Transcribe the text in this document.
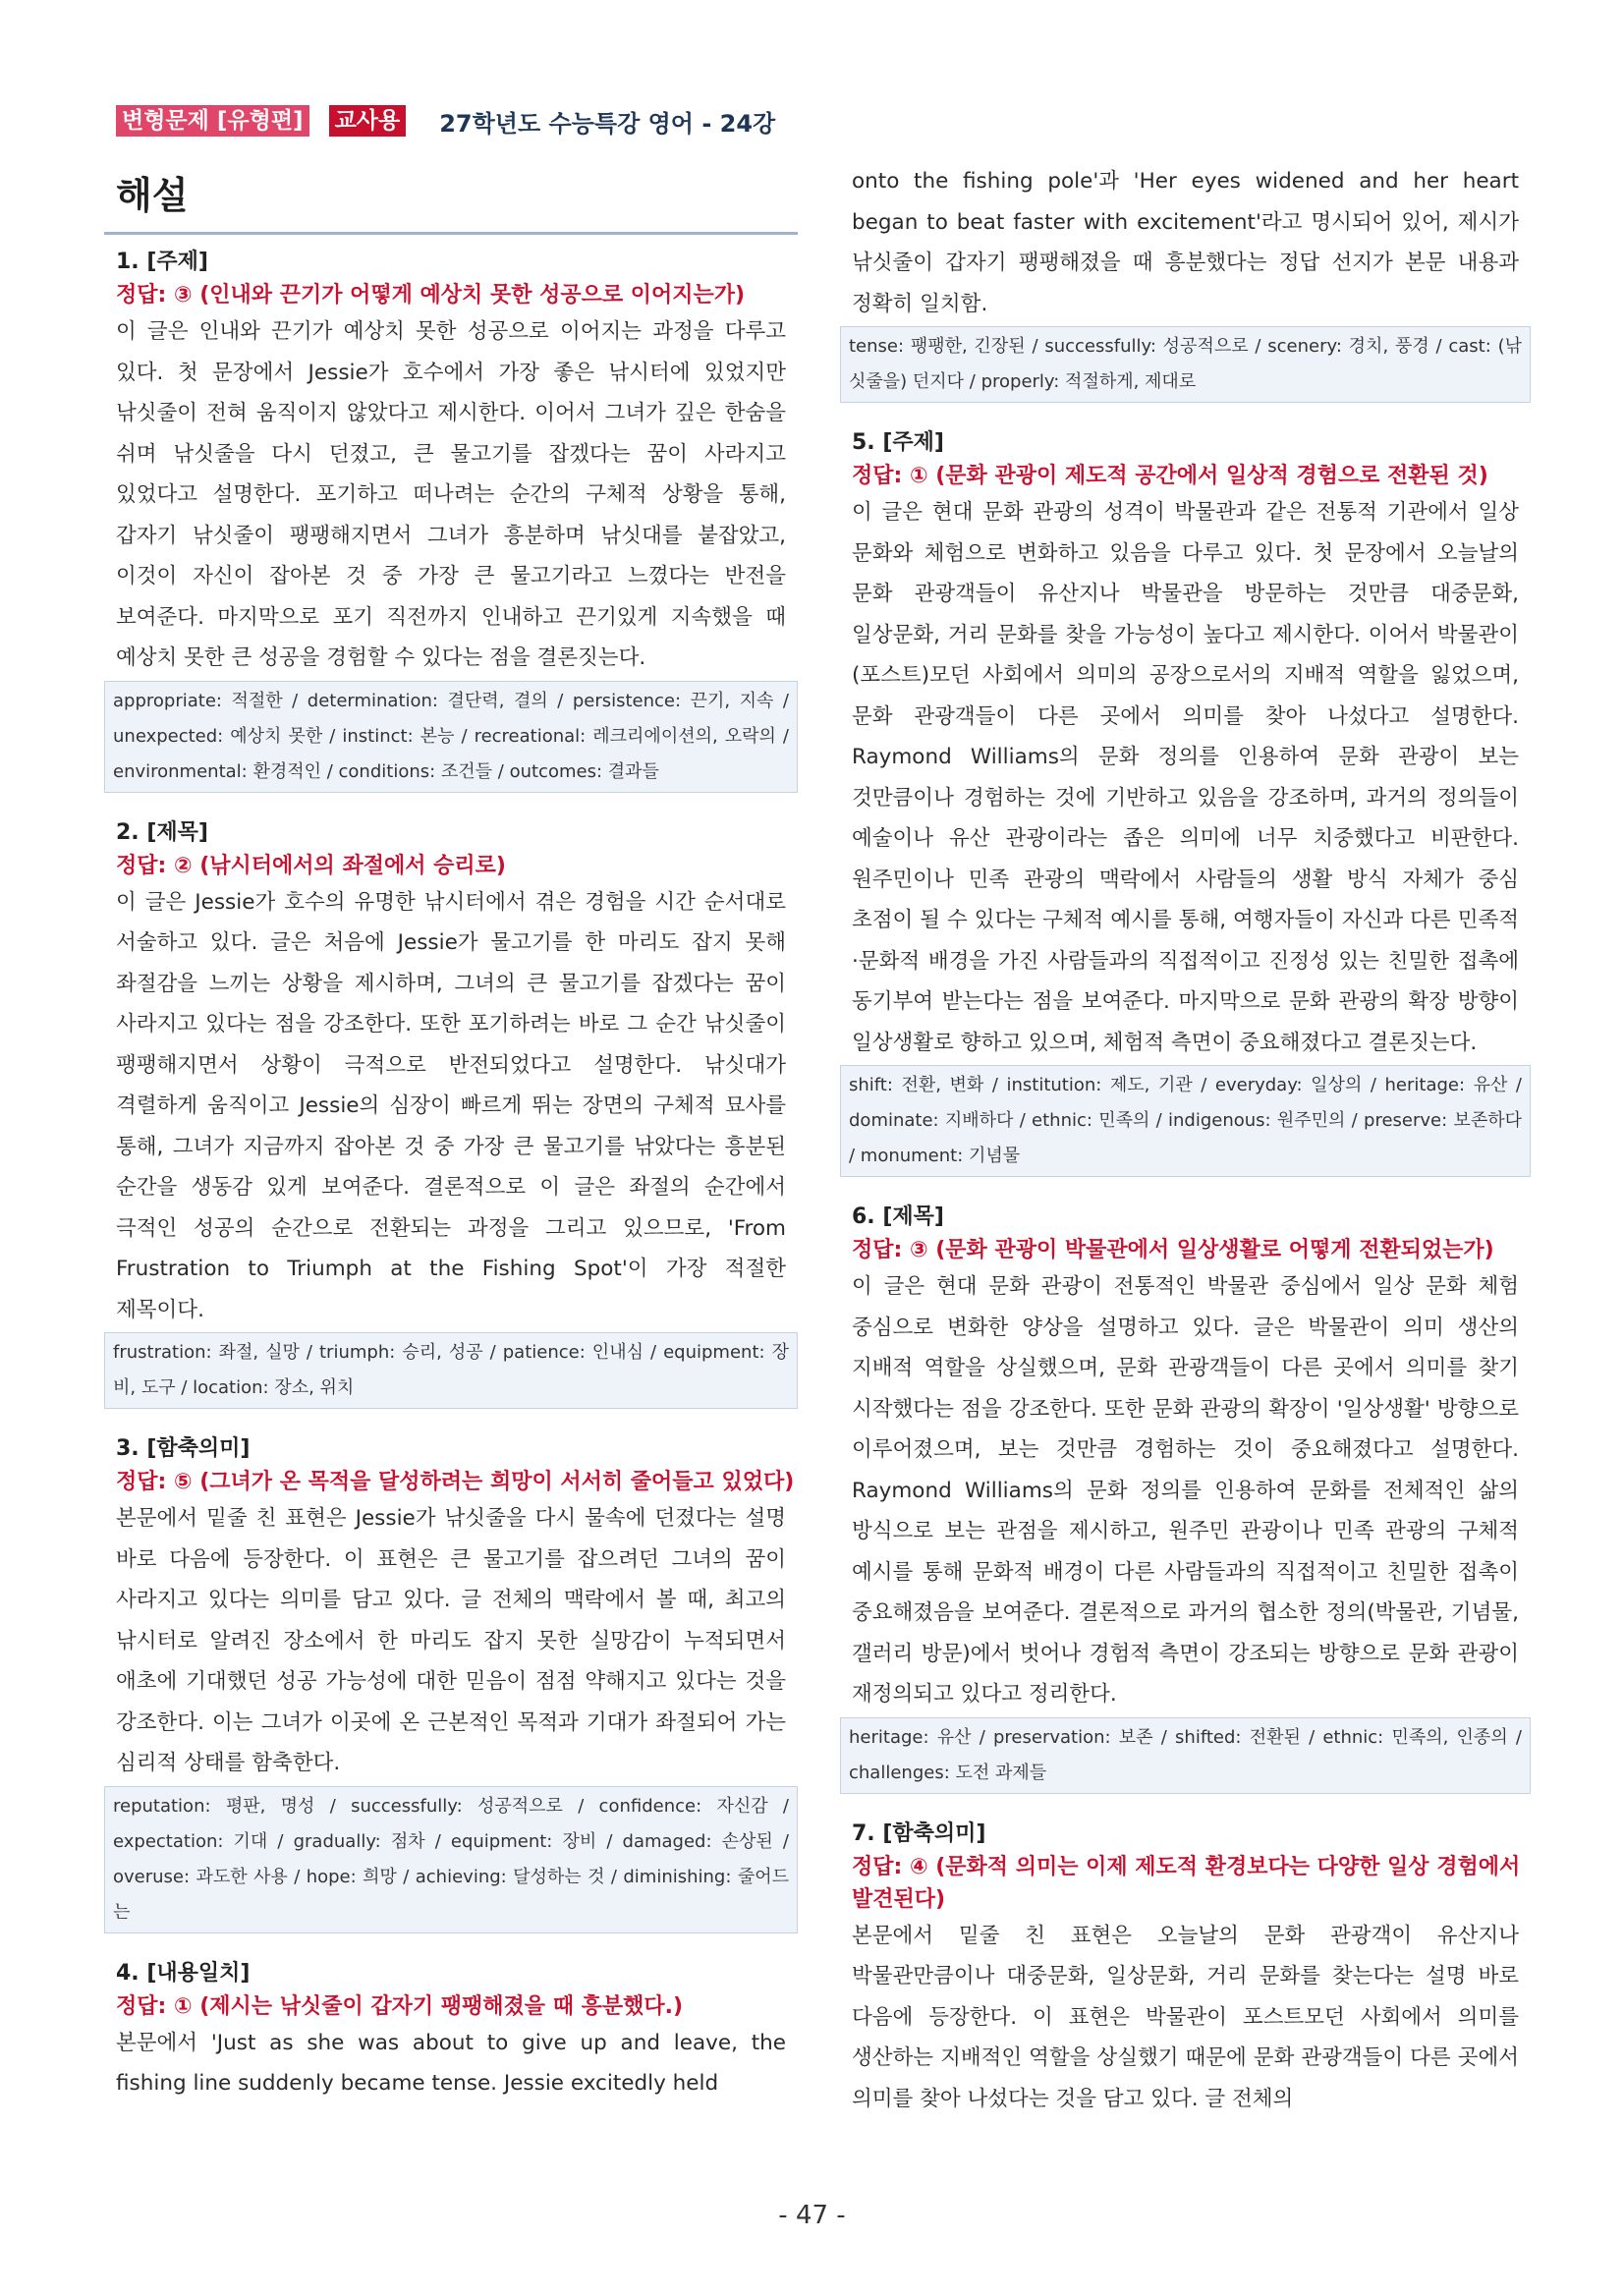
변형문제 [유형편] 교사용 27학년도 수능특강 영어 - 24강
해설
1. [주제]
정답: ③ (인내와 끈기가 어떻게 예상치 못한 성공으로 이어지는가)
이 글은 인내와 끈기가 예상치 못한 성공으로 이어지는 과정을 다루고 있다. 첫 문장에서 Jessie가 호수에서 가장 좋은 낚시터에 있었지만 낚싯줄이 전혀 움직이지 않았다고 제시한다. 이어서 그녀가 깊은 한숨을 쉬며 낚싯줄을 다시 던졌고, 큰 물고기를 잡겠다는 꿈이 사라지고 있었다고 설명한다. 포기하고 떠나려는 순간의 구체적 상황을 통해, 갑자기 낚싯줄이 팽팽해지면서 그녀가 흥분하며 낚싯대를 붙잡았고, 이것이 자신이 잡아본 것 중 가장 큰 물고기라고 느꼈다는 반전을 보여준다. 마지막으로 포기 직전까지 인내하고 끈기있게 지속했을 때 예상치 못한 큰 성공을 경험할 수 있다는 점을 결론짓는다.
appropriate: 적절한 / determination: 결단력, 결의 / persistence: 끈기, 지속 / unexpected: 예상치 못한 / instinct: 본능 / recreational: 레크리에이션의, 오락의 / environmental: 환경적인 / conditions: 조건들 / outcomes: 결과들
2. [제목]
정답: ② (낚시터에서의 좌절에서 승리로)
이 글은 Jessie가 호수의 유명한 낚시터에서 겪은 경험을 시간 순서대로 서술하고 있다. 글은 처음에 Jessie가 물고기를 한 마리도 잡지 못해 좌절감을 느끼는 상황을 제시하며, 그녀의 큰 물고기를 잡겠다는 꿈이 사라지고 있다는 점을 강조한다. 또한 포기하려는 바로 그 순간 낚싯줄이 팽팽해지면서 상황이 극적으로 반전되었다고 설명한다. 낚싯대가 격렬하게 움직이고 Jessie의 심장이 빠르게 뛰는 장면의 구체적 묘사를 통해, 그녀가 지금까지 잡아본 것 중 가장 큰 물고기를 낚았다는 흥분된 순간을 생동감 있게 보여준다. 결론적으로 이 글은 좌절의 순간에서 극적인 성공의 순간으로 전환되는 과정을 그리고 있으므로, 'From Frustration to Triumph at the Fishing Spot'이 가장 적절한 제목이다.
frustration: 좌절, 실망 / triumph: 승리, 성공 / patience: 인내심 / equipment: 장비, 도구 / location: 장소, 위치
3. [함축의미]
정답: ⑤ (그녀가 온 목적을 달성하려는 희망이 서서히 줄어들고 있었다)
본문에서 밑줄 친 표현은 Jessie가 낚싯줄을 다시 물속에 던졌다는 설명 바로 다음에 등장한다. 이 표현은 큰 물고기를 잡으려던 그녀의 꿈이 사라지고 있다는 의미를 담고 있다. 글 전체의 맥락에서 볼 때, 최고의 낚시터로 알려진 장소에서 한 마리도 잡지 못한 실망감이 누적되면서 애초에 기대했던 성공 가능성에 대한 믿음이 점점 약해지고 있다는 것을 강조한다. 이는 그녀가 이곳에 온 근본적인 목적과 기대가 좌절되어 가는 심리적 상태를 함축한다.
reputation: 평판, 명성 / successfully: 성공적으로 / confidence: 자신감 / expectation: 기대 / gradually: 점차 / equipment: 장비 / damaged: 손상된 / overuse: 과도한 사용 / hope: 희망 / achieving: 달성하는 것 / diminishing: 줄어드는
4. [내용일치]
정답: ① (제시는 낚싯줄이 갑자기 팽팽해졌을 때 흥분했다.)
본문에서 'Just as she was about to give up and leave, the fishing line suddenly became tense. Jessie excitedly held
onto the fishing pole'과 'Her eyes widened and her heart began to beat faster with excitement'라고 명시되어 있어, 제시가 낚싯줄이 갑자기 팽팽해졌을 때 흥분했다는 정답 선지가 본문 내용과 정확히 일치함.
tense: 팽팽한, 긴장된 / successfully: 성공적으로 / scenery: 경치, 풍경 / cast: (낚싯줄을) 던지다 / properly: 적절하게, 제대로
5. [주제]
정답: ① (문화 관광이 제도적 공간에서 일상적 경험으로 전환된 것)
이 글은 현대 문화 관광의 성격이 박물관과 같은 전통적 기관에서 일상 문화와 체험으로 변화하고 있음을 다루고 있다. 첫 문장에서 오늘날의 문화 관광객들이 유산지나 박물관을 방문하는 것만큼 대중문화, 일상문화, 거리 문화를 찾을 가능성이 높다고 제시한다. 이어서 박물관이 (포스트)모던 사회에서 의미의 공장으로서의 지배적 역할을 잃었으며, 문화 관광객들이 다른 곳에서 의미를 찾아 나섰다고 설명한다. Raymond Williams의 문화 정의를 인용하여 문화 관광이 보는 것만큼이나 경험하는 것에 기반하고 있음을 강조하며, 과거의 정의들이 예술이나 유산 관광이라는 좁은 의미에 너무 치중했다고 비판한다. 원주민이나 민족 관광의 맥락에서 사람들의 생활 방식 자체가 중심 초점이 될 수 있다는 구체적 예시를 통해, 여행자들이 자신과 다른 민족적·문화적 배경을 가진 사람들과의 직접적이고 진정성 있는 친밀한 접촉에 동기부여 받는다는 점을 보여준다. 마지막으로 문화 관광의 확장 방향이 일상생활로 향하고 있으며, 체험적 측면이 중요해졌다고 결론짓는다.
shift: 전환, 변화 / institution: 제도, 기관 / everyday: 일상의 / heritage: 유산 / dominate: 지배하다 / ethnic: 민족의 / indigenous: 원주민의 / preserve: 보존하다 / monument: 기념물
6. [제목]
정답: ③ (문화 관광이 박물관에서 일상생활로 어떻게 전환되었는가)
이 글은 현대 문화 관광이 전통적인 박물관 중심에서 일상 문화 체험 중심으로 변화한 양상을 설명하고 있다. 글은 박물관이 의미 생산의 지배적 역할을 상실했으며, 문화 관광객들이 다른 곳에서 의미를 찾기 시작했다는 점을 강조한다. 또한 문화 관광의 확장이 '일상생활' 방향으로 이루어졌으며, 보는 것만큼 경험하는 것이 중요해졌다고 설명한다. Raymond Williams의 문화 정의를 인용하여 문화를 전체적인 삶의 방식으로 보는 관점을 제시하고, 원주민 관광이나 민족 관광의 구체적 예시를 통해 문화적 배경이 다른 사람들과의 직접적이고 친밀한 접촉이 중요해졌음을 보여준다. 결론적으로 과거의 협소한 정의(박물관, 기념물, 갤러리 방문)에서 벗어나 경험적 측면이 강조되는 방향으로 문화 관광이 재정의되고 있다고 정리한다.
heritage: 유산 / preservation: 보존 / shifted: 전환된 / ethnic: 민족의, 인종의 / challenges: 도전 과제들
7. [함축의미]
정답: ④ (문화적 의미는 이제 제도적 환경보다는 다양한 일상 경험에서 발견된다)
본문에서 밑줄 친 표현은 오늘날의 문화 관광객이 유산지나 박물관만큼이나 대중문화, 일상문화, 거리 문화를 찾는다는 설명 바로 다음에 등장한다. 이 표현은 박물관이 포스트모던 사회에서 의미를 생산하는 지배적인 역할을 상실했기 때문에 문화 관광객들이 다른 곳에서 의미를 찾아 나섰다는 것을 담고 있다. 글 전체의
- 47 -
